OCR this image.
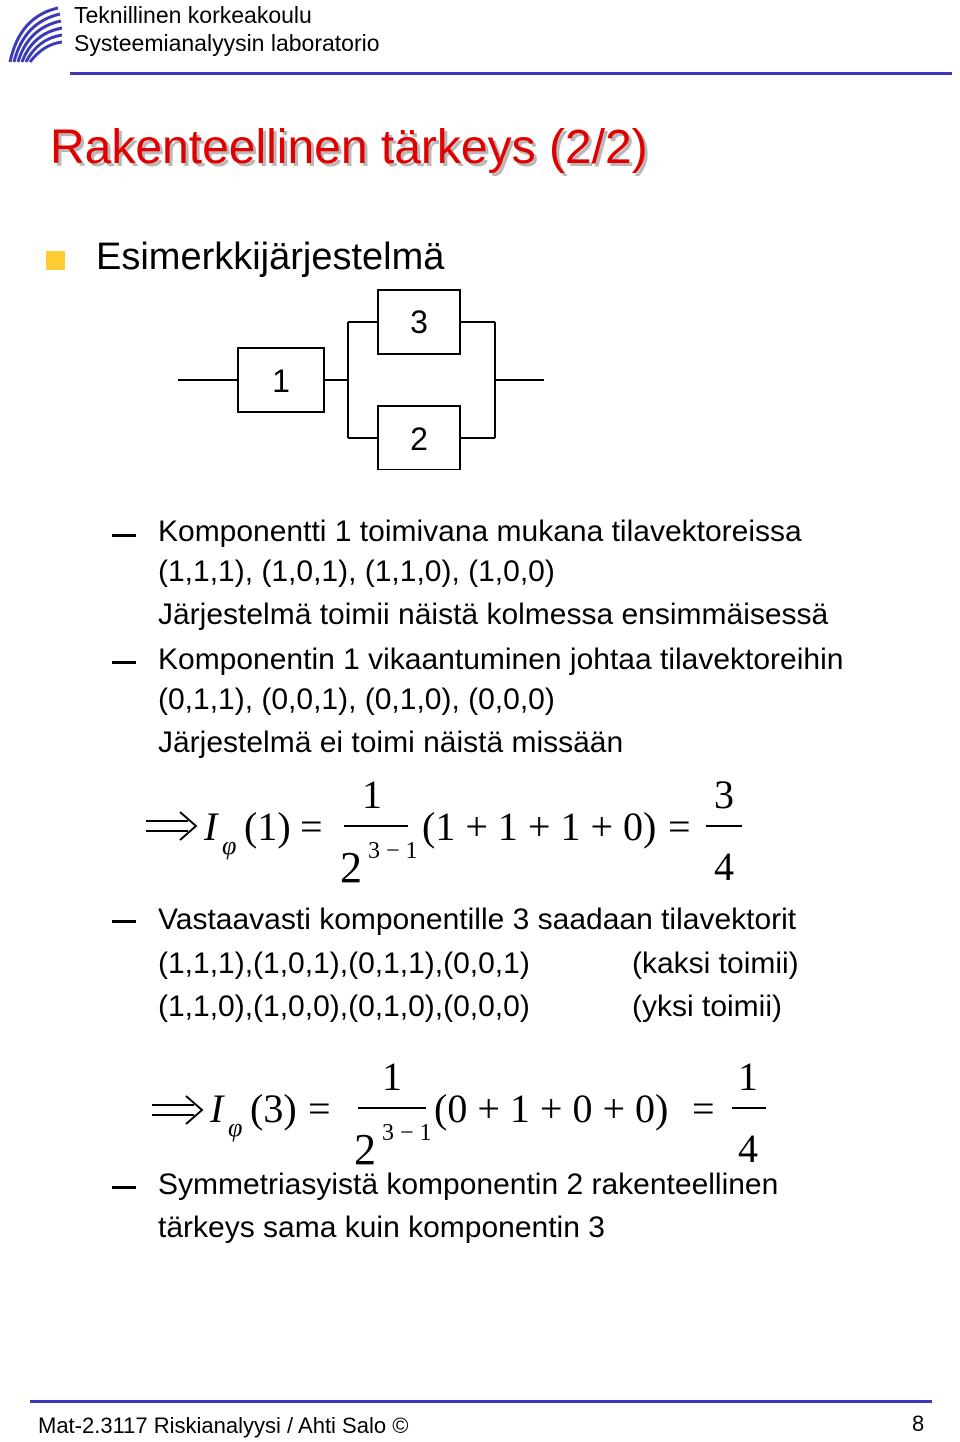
Teknillinen korkeakoulu
Systeemianalyysin laboratorio
Rakenteellinen tärkeys (2/2)
Esimerkkijärjestelmä
1
3
2
Komponentti 1 toimivana mukana tilavektoreissa
(1,1,1), (1,0,1), (1,1,0), (1,0,0)
Järjestelmä toimii näistä kolmessa ensimmäisessä
Komponentin 1 vikaantuminen johtaa tilavektoreihin
(0,1,1), (0,0,1), (0,1,0), (0,0,0)
Järjestelmä ei toimi näistä missään
I φ (1) =
1
2 3 − 1
(1 + 1 + 1 + 0) =
3
4
Vastaavasti komponentille 3 saadaan tilavektorit
(1,1,1),(1,0,1),(0,1,1),(0,0,1)	(kaksi toimii)
(1,1,0),(1,0,0),(0,1,0),(0,0,0)	(yksi toimii)
I φ (3) =
1
2 3 − 1
(0 + 1 + 0 + 0) =
1
4
Symmetriasyistä komponentin 2 rakenteellinen
tärkeys sama kuin komponentin 3
Mat-2.3117 Riskianalyysi / Ahti Salo ©	8
